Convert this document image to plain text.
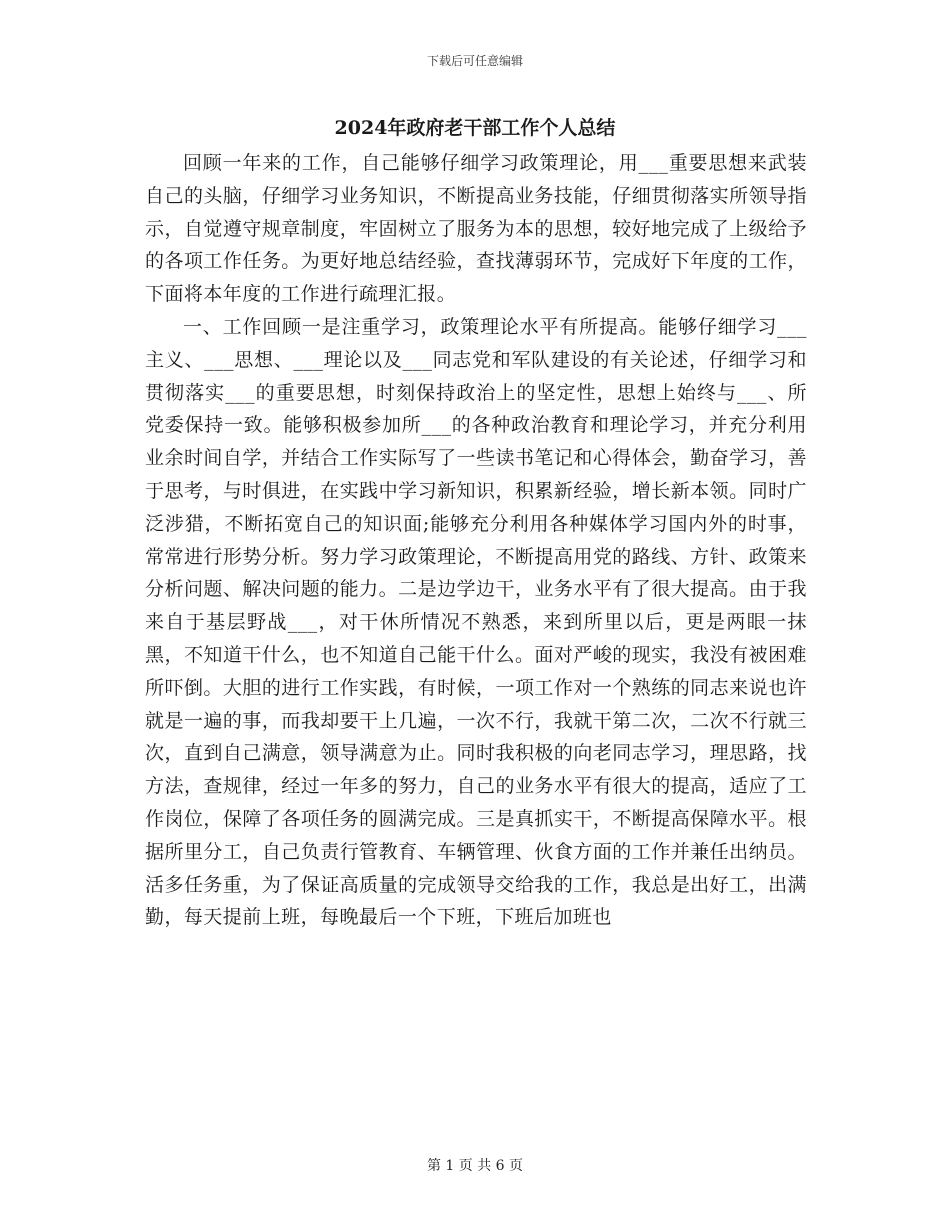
下载后可任意编辑
2024年政府老干部工作个人总结

回顾一年来的工作，自己能够仔细学习政策理论，用___重要思想来武装自己的头脑，仔细学习业务知识，不断提高业务技能，仔细贯彻落实所领导指示，自觉遵守规章制度，牢固树立了服务为本的思想，较好地完成了上级给予的各项工作任务。为更好地总结经验，查找薄弱环节，完成好下年度的工作，下面将本年度的工作进行疏理汇报。

一、工作回顾一是注重学习，政策理论水平有所提高。能够仔细学习___主义、___思想、___理论以及___同志党和军队建设的有关论述，仔细学习和贯彻落实___的重要思想，时刻保持政治上的坚定性，思想上始终与___、所党委保持一致。能够积极参加所___的各种政治教育和理论学习，并充分利用业余时间自学，并结合工作实际写了一些读书笔记和心得体会，勤奋学习，善于思考，与时俱进，在实践中学习新知识，积累新经验，增长新本领。同时广泛涉猎，不断拓宽自己的知识面;能够充分利用各种媒体学习国内外的时事，常常进行形势分析。努力学习政策理论，不断提高用党的路线、方针、政策来分析问题、解决问题的能力。二是边学边干，业务水平有了很大提高。由于我来自于基层野战___，对干休所情况不熟悉，来到所里以后，更是两眼一抹黑，不知道干什么，也不知道自己能干什么。面对严峻的现实，我没有被困难所吓倒。大胆的进行工作实践，有时候，一项工作对一个熟练的同志来说也许就是一遍的事，而我却要干上几遍，一次不行，我就干第二次，二次不行就三次，直到自己满意，领导满意为止。同时我积极的向老同志学习，理思路，找方法，查规律，经过一年多的努力，自己的业务水平有很大的提高，适应了工作岗位，保障了各项任务的圆满完成。三是真抓实干，不断提高保障水平。根据所里分工，自己负责行管教育、车辆管理、伙食方面的工作并兼任出纳员。活多任务重，为了保证高质量的完成领导交给我的工作，我总是出好工，出满勤，每天提前上班，每晚最后一个下班，下班后加班也

第 1 页 共 6 页
